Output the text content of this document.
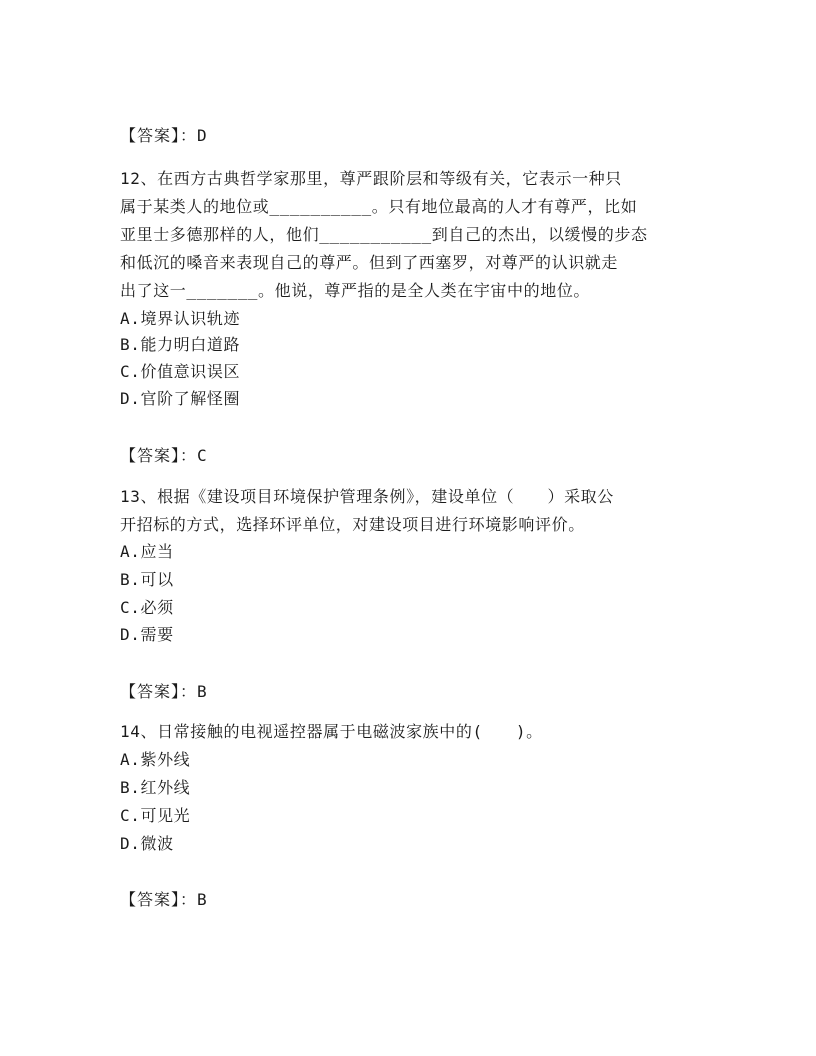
【答案】：D
12、在西方古典哲学家那里，尊严跟阶层和等级有关，它表示一种只
属于某类人的地位或__________。只有地位最高的人才有尊严，比如
亚里士多德那样的人，他们___________到自己的杰出，以缓慢的步态
和低沉的嗓音来表现自己的尊严。但到了西塞罗，对尊严的认识就走
出了这一_______。他说，尊严指的是全人类在宇宙中的地位。
A.境界认识轨迹
B.能力明白道路
C.价值意识误区
D.官阶了解怪圈
【答案】：C
13、根据《建设项目环境保护管理条例》，建设单位（　　）采取公
开招标的方式，选择环评单位，对建设项目进行环境影响评价。
A.应当
B.可以
C.必须
D.需要
【答案】：B
14、日常接触的电视遥控器属于电磁波家族中的(　　)。
A.紫外线
B.红外线
C.可见光
D.微波
【答案】：B
